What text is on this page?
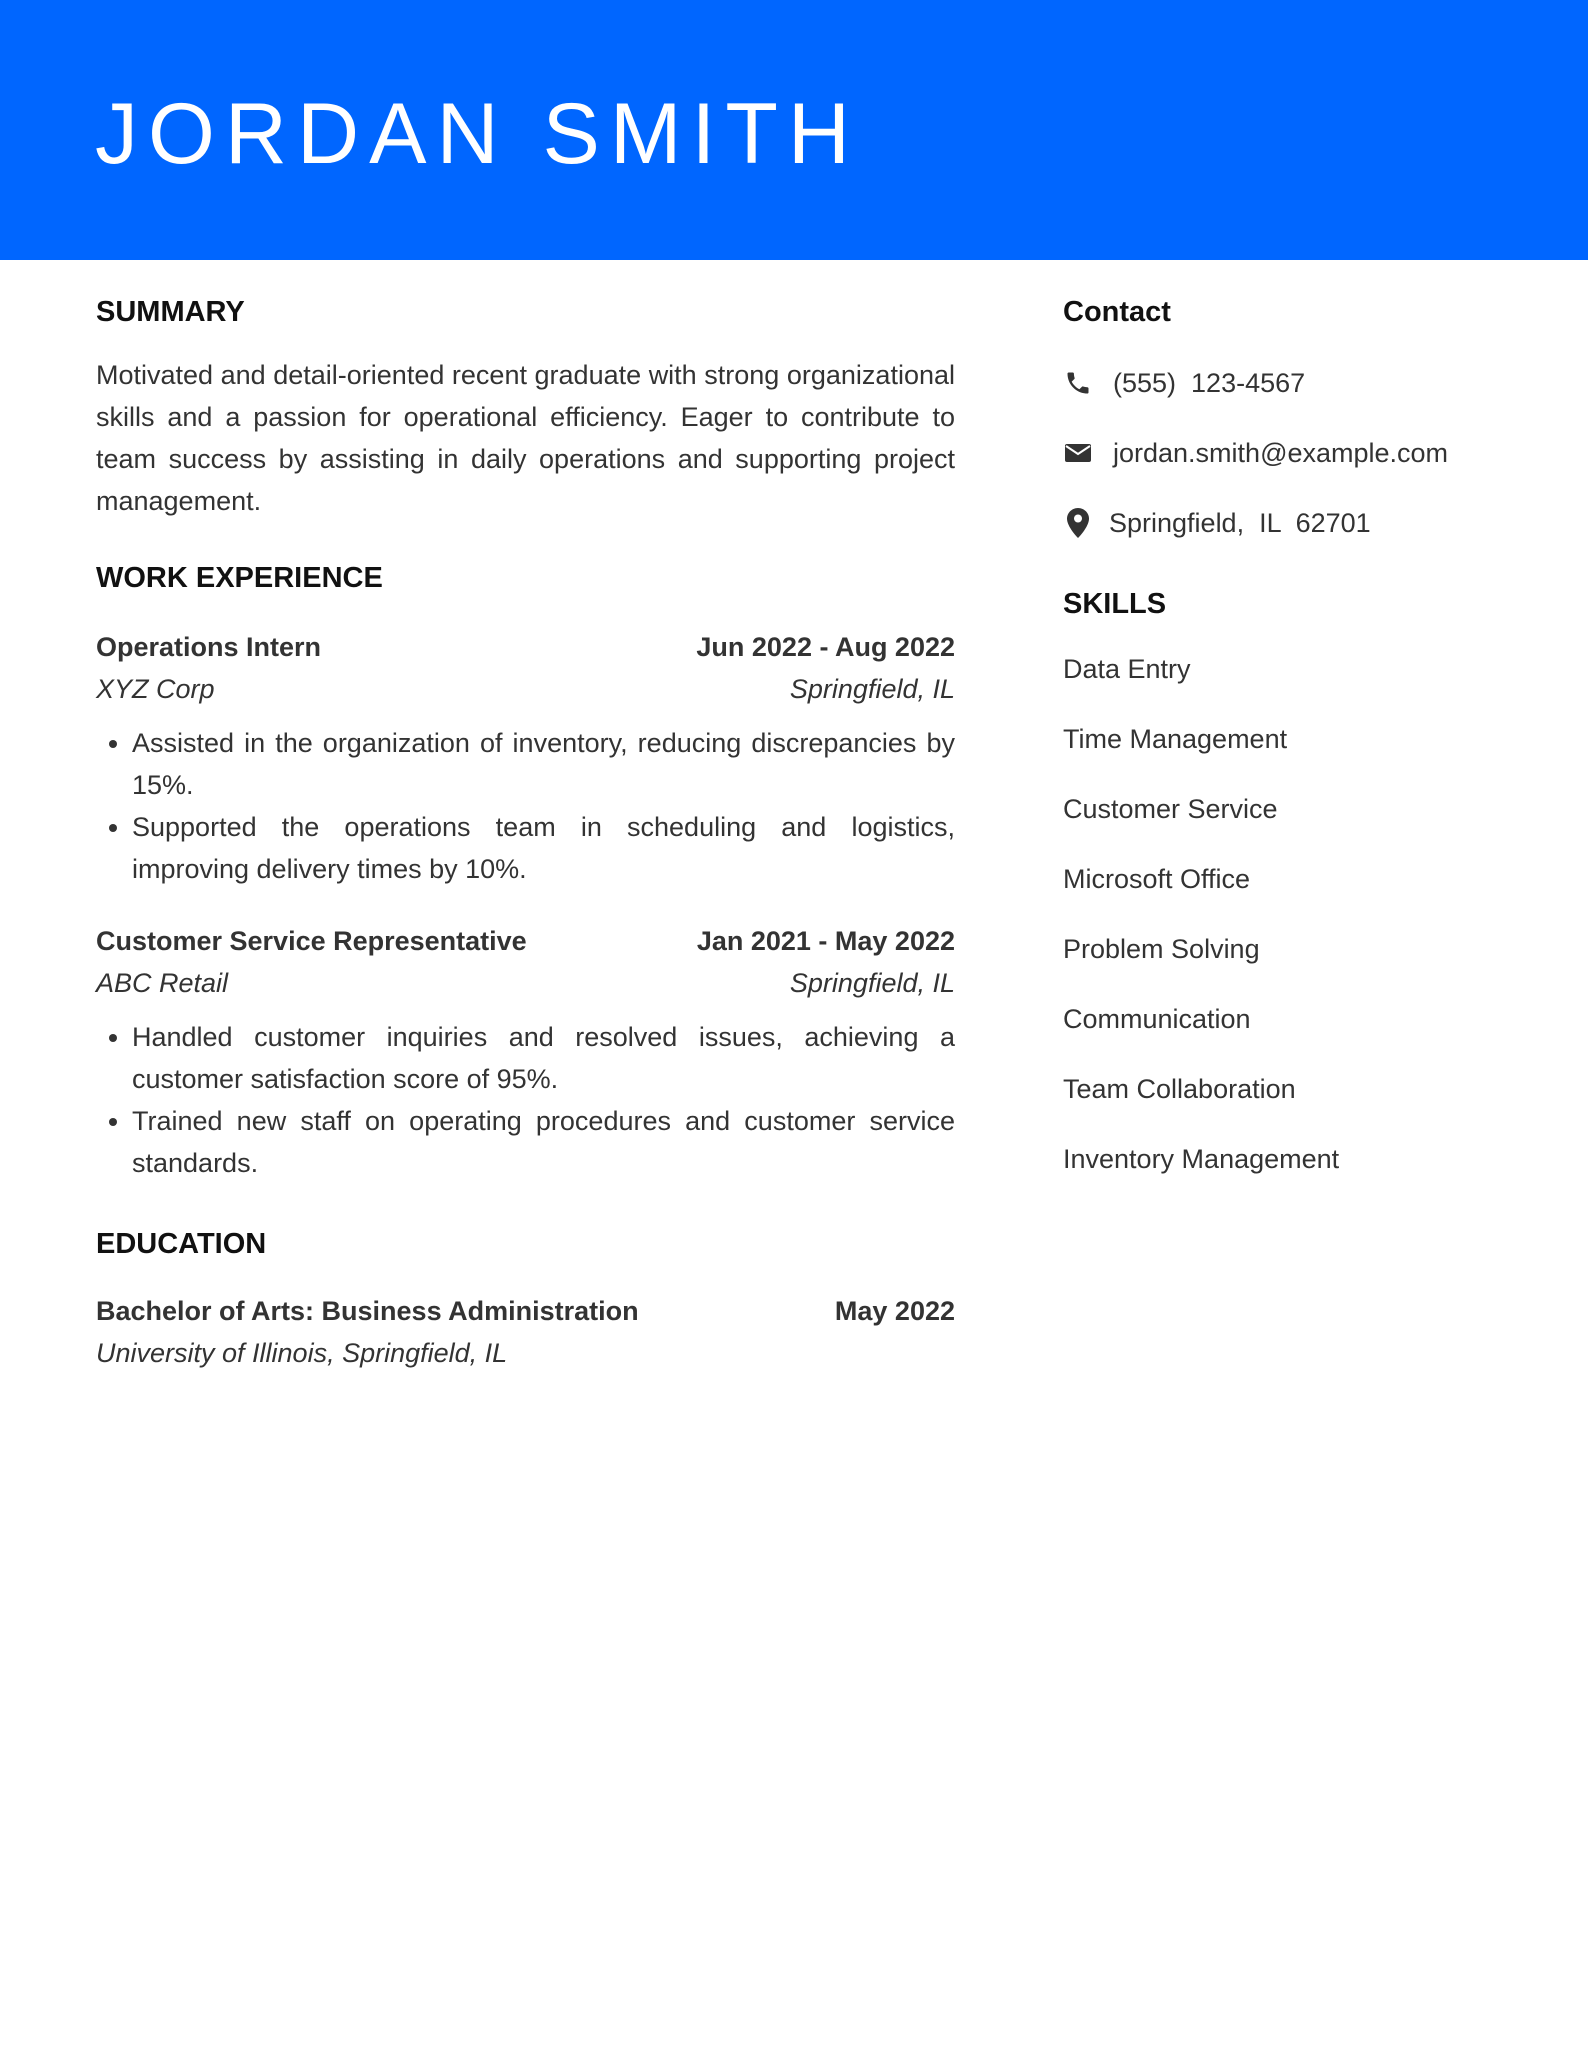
JORDAN SMITH
SUMMARY

Motivated and detail-oriented recent graduate with strong organizational skills and a passion for operational efficiency. Eager to contribute to team success by assisting in daily operations and supporting project management.

WORK EXPERIENCE
Operations Intern	Jun 2022 - Aug 2022
XYZ Corp	Springfield, IL
• Assisted in the organization of inventory, reducing discrepancies by 15%.
• Supported the operations team in scheduling and logistics, improving delivery times by 10%.
Customer Service Representative	Jan 2021 - May 2022
ABC Retail	Springfield, IL
• Handled customer inquiries and resolved issues, achieving a customer satisfaction score of 95%.
• Trained new staff on operating procedures and customer service standards.
EDUCATION
Bachelor of Arts: Business Administration	May 2022
University of Illinois, Springfield, IL
Contact
(555)  123-4567
jordan.smith@example.com
Springfield,  IL  62701
SKILLS
Data Entry
Time Management
Customer Service
Microsoft Office
Problem Solving
Communication
Team Collaboration
Inventory Management
